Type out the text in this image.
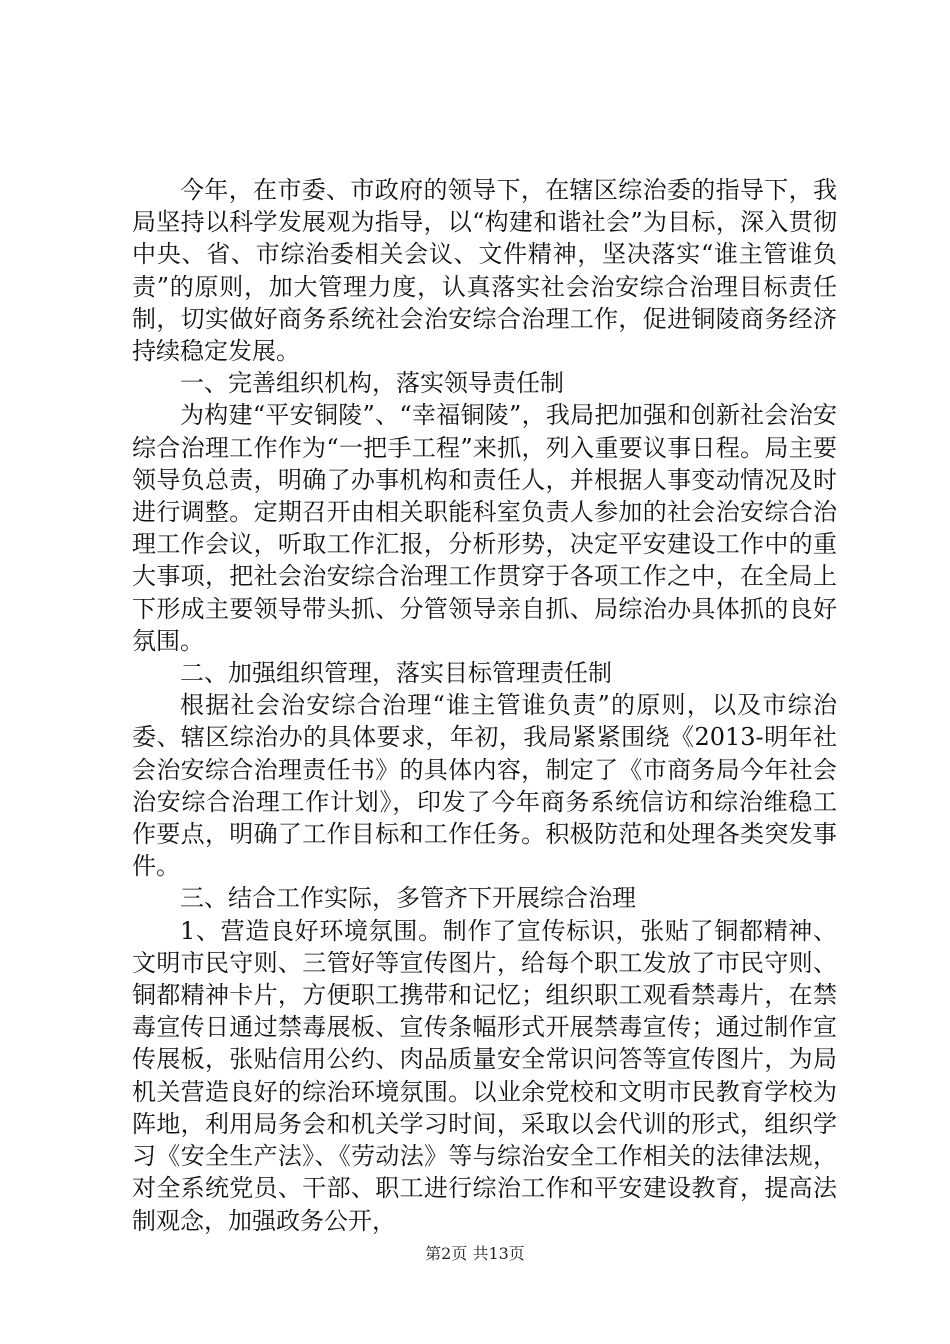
今年，在市委、市政府的领导下，在辖区综治委的指导下，我局坚持以科学发展观为指导，以“构建和谐社会”为目标，深入贯彻中央、省、市综治委相关会议、文件精神，坚决落实“谁主管谁负责”的原则，加大管理力度，认真落实社会治安综合治理目标责任制，切实做好商务系统社会治安综合治理工作，促进铜陵商务经济持续稳定发展。

一、完善组织机构，落实领导责任制

为构建“平安铜陵”、“幸福铜陵”，我局把加强和创新社会治安综合治理工作作为“一把手工程”来抓，列入重要议事日程。局主要领导负总责，明确了办事机构和责任人，并根据人事变动情况及时进行调整。定期召开由相关职能科室负责人参加的社会治安综合治理工作会议，听取工作汇报，分析形势，决定平安建设工作中的重大事项，把社会治安综合治理工作贯穿于各项工作之中，在全局上下形成主要领导带头抓、分管领导亲自抓、局综治办具体抓的良好氛围。

二、加强组织管理，落实目标管理责任制

根据社会治安综合治理“谁主管谁负责”的原则，以及市综治委、辖区综治办的具体要求，年初，我局紧紧围绕《2013-明年社会治安综合治理责任书》的具体内容，制定了《市商务局今年社会治安综合治理工作计划》，印发了今年商务系统信访和综治维稳工作要点，明确了工作目标和工作任务。积极防范和处理各类突发事件。

三、结合工作实际，多管齐下开展综合治理

1、营造良好环境氛围。制作了宣传标识，张贴了铜都精神、文明市民守则、三管好等宣传图片，给每个职工发放了市民守则、铜都精神卡片，方便职工携带和记忆；组织职工观看禁毒片，在禁毒宣传日通过禁毒展板、宣传条幅形式开展禁毒宣传；通过制作宣传展板，张贴信用公约、肉品质量安全常识问答等宣传图片，为局机关营造良好的综治环境氛围。以业余党校和文明市民教育学校为阵地，利用局务会和机关学习时间，采取以会代训的形式，组织学习《安全生产法》、《劳动法》等与综治安全工作相关的法律法规，对全系统党员、干部、职工进行综治工作和平安建设教育，提高法制观念，加强政务公开，

第2页 共13页
